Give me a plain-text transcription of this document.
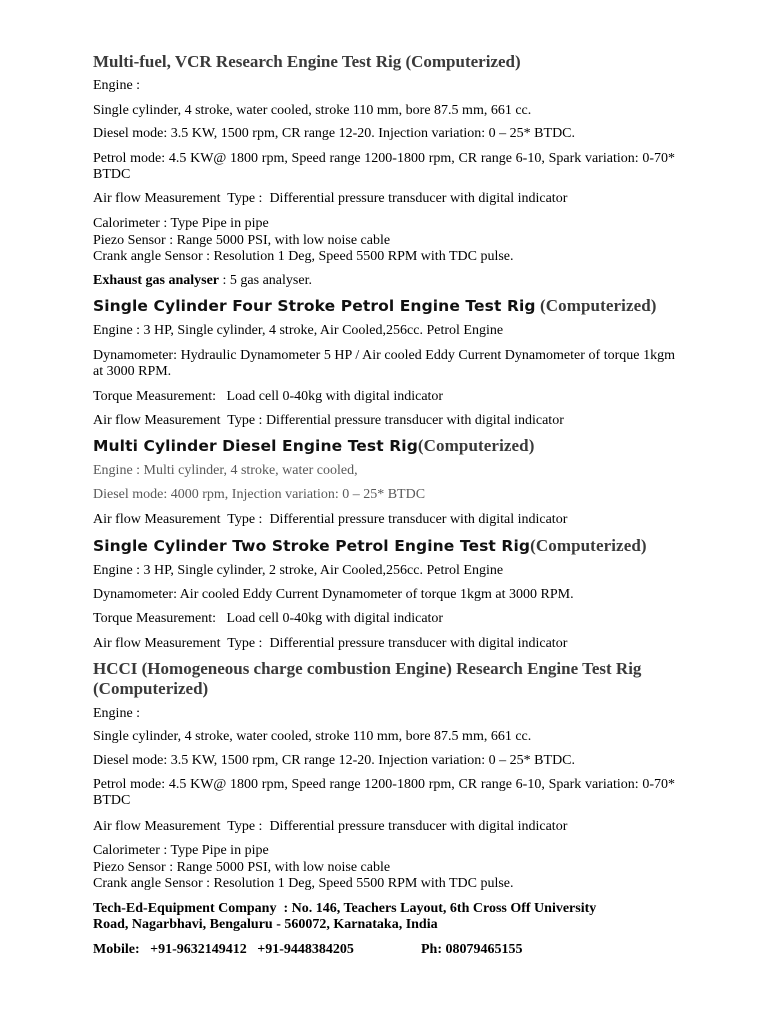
Multi-fuel, VCR Research Engine Test Rig (Computerized)

Engine :

Single cylinder, 4 stroke, water cooled, stroke 110 mm, bore 87.5 mm, 661 cc.

Diesel mode: 3.5 KW, 1500 rpm, CR range 12-20. Injection variation: 0 – 25* BTDC.

Petrol mode: 4.5 KW@ 1800 rpm, Speed range 1200-1800 rpm, CR range 6-10, Spark variation: 0-70* BTDC

Air flow Measurement  Type :  Differential pressure transducer with digital indicator

Calorimeter : Type Pipe in pipe

Piezo Sensor : Range 5000 PSI, with low noise cable

Crank angle Sensor : Resolution 1 Deg, Speed 5500 RPM with TDC pulse.

Exhaust gas analyser : 5 gas analyser.

Single Cylinder Four Stroke Petrol Engine Test Rig (Computerized)

Engine : 3 HP, Single cylinder, 4 stroke, Air Cooled,256cc. Petrol Engine

Dynamometer: Hydraulic Dynamometer 5 HP / Air cooled Eddy Current Dynamometer of torque 1kgm at 3000 RPM.

Torque Measurement:   Load cell 0-40kg with digital indicator

Air flow Measurement  Type : Differential pressure transducer with digital indicator

Multi Cylinder Diesel Engine Test Rig(Computerized)

Engine : Multi cylinder, 4 stroke, water cooled,

Diesel mode: 4000 rpm, Injection variation: 0 – 25* BTDC

Air flow Measurement  Type :  Differential pressure transducer with digital indicator

Single Cylinder Two Stroke Petrol Engine Test Rig(Computerized)

Engine : 3 HP, Single cylinder, 2 stroke, Air Cooled,256cc. Petrol Engine

Dynamometer: Air cooled Eddy Current Dynamometer of torque 1kgm at 3000 RPM.

Torque Measurement:   Load cell 0-40kg with digital indicator

Air flow Measurement  Type :  Differential pressure transducer with digital indicator

HCCI (Homogeneous charge combustion Engine) Research Engine Test Rig (Computerized)

Engine :

Single cylinder, 4 stroke, water cooled, stroke 110 mm, bore 87.5 mm, 661 cc.

Diesel mode: 3.5 KW, 1500 rpm, CR range 12-20. Injection variation: 0 – 25* BTDC.

Petrol mode: 4.5 KW@ 1800 rpm, Speed range 1200-1800 rpm, CR range 6-10, Spark variation: 0-70* BTDC

Air flow Measurement  Type :  Differential pressure transducer with digital indicator

Calorimeter : Type Pipe in pipe

Piezo Sensor : Range 5000 PSI, with low noise cable

Crank angle Sensor : Resolution 1 Deg, Speed 5500 RPM with TDC pulse.

Tech-Ed-Equipment Company  : No. 146, Teachers Layout, 6th Cross Off University

Road, Nagarbhavi, Bengaluru - 560072, Karnataka, India

Mobile:   +91-9632149412   +91-9448384205	Ph: 08079465155
